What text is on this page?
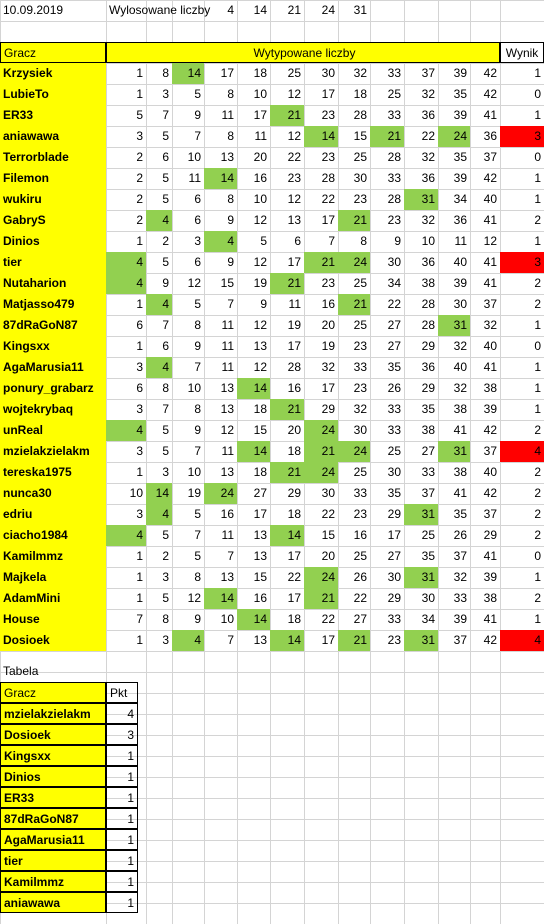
10.09.2019	Wylosowane liczby	4	14	21	24	31
Gracz	Wytypowane liczby	Wynik
Krzysiek	1	8	14	17	18	25	30	32	33	37	39	42	1
LubieTo	1	3	5	8	10	12	17	18	25	32	35	42	0
ER33	5	7	9	11	17	21	23	28	33	36	39	41	1
aniawawa	3	5	7	8	11	12	14	15	21	22	24	36	3
Terrorblade	2	6	10	13	20	22	23	25	28	32	35	37	0
Filemon	2	5	11	14	16	23	28	30	33	36	39	42	1
wukiru	2	5	6	8	10	12	22	23	28	31	34	40	1
GabryS	2	4	6	9	12	13	17	21	23	32	36	41	2
Dinios	1	2	3	4	5	6	7	8	9	10	11	12	1
tier	4	5	6	9	12	17	21	24	30	36	40	41	3
Nutaharion	4	9	12	15	19	21	23	25	34	38	39	41	2
Matjasso479	1	4	5	7	9	11	16	21	22	28	30	37	2
87dRaGoN87	6	7	8	11	12	19	20	25	27	28	31	32	1
Kingsxx	1	6	9	11	13	17	19	23	27	29	32	40	0
AgaMarusia11	3	4	7	11	12	28	32	33	35	36	40	41	1
ponury_grabarz	6	8	10	13	14	16	17	23	26	29	32	38	1
wojtekrybaq	3	7	8	13	18	21	29	32	33	35	38	39	1
unReal	4	5	9	12	15	20	24	30	33	38	41	42	2
mzielakzielakm	3	5	7	11	14	18	21	24	25	27	31	37	4
tereska1975	1	3	10	13	18	21	24	25	30	33	38	40	2
nunca30	10	14	19	24	27	29	30	33	35	37	41	42	2
edriu	3	4	5	16	17	18	22	23	29	31	35	37	2
ciacho1984	4	5	7	11	13	14	15	16	17	25	26	29	2
Kamilmmz	1	2	5	7	13	17	20	25	27	35	37	41	0
Majkela	1	3	8	13	15	22	24	26	30	31	32	39	1
AdamMini	1	5	12	14	16	17	21	22	29	30	33	38	2
House	7	8	9	10	14	18	22	27	33	34	39	41	1
Dosioek	1	3	4	7	13	14	17	21	23	31	37	42	4
Tabela
Gracz	Pkt
mzielakzielakm	4
Dosioek	3
Kingsxx	1
Dinios	1
ER33	1
87dRaGoN87	1
AgaMarusia11	1
tier	1
Kamilmmz	1
aniawawa	1
